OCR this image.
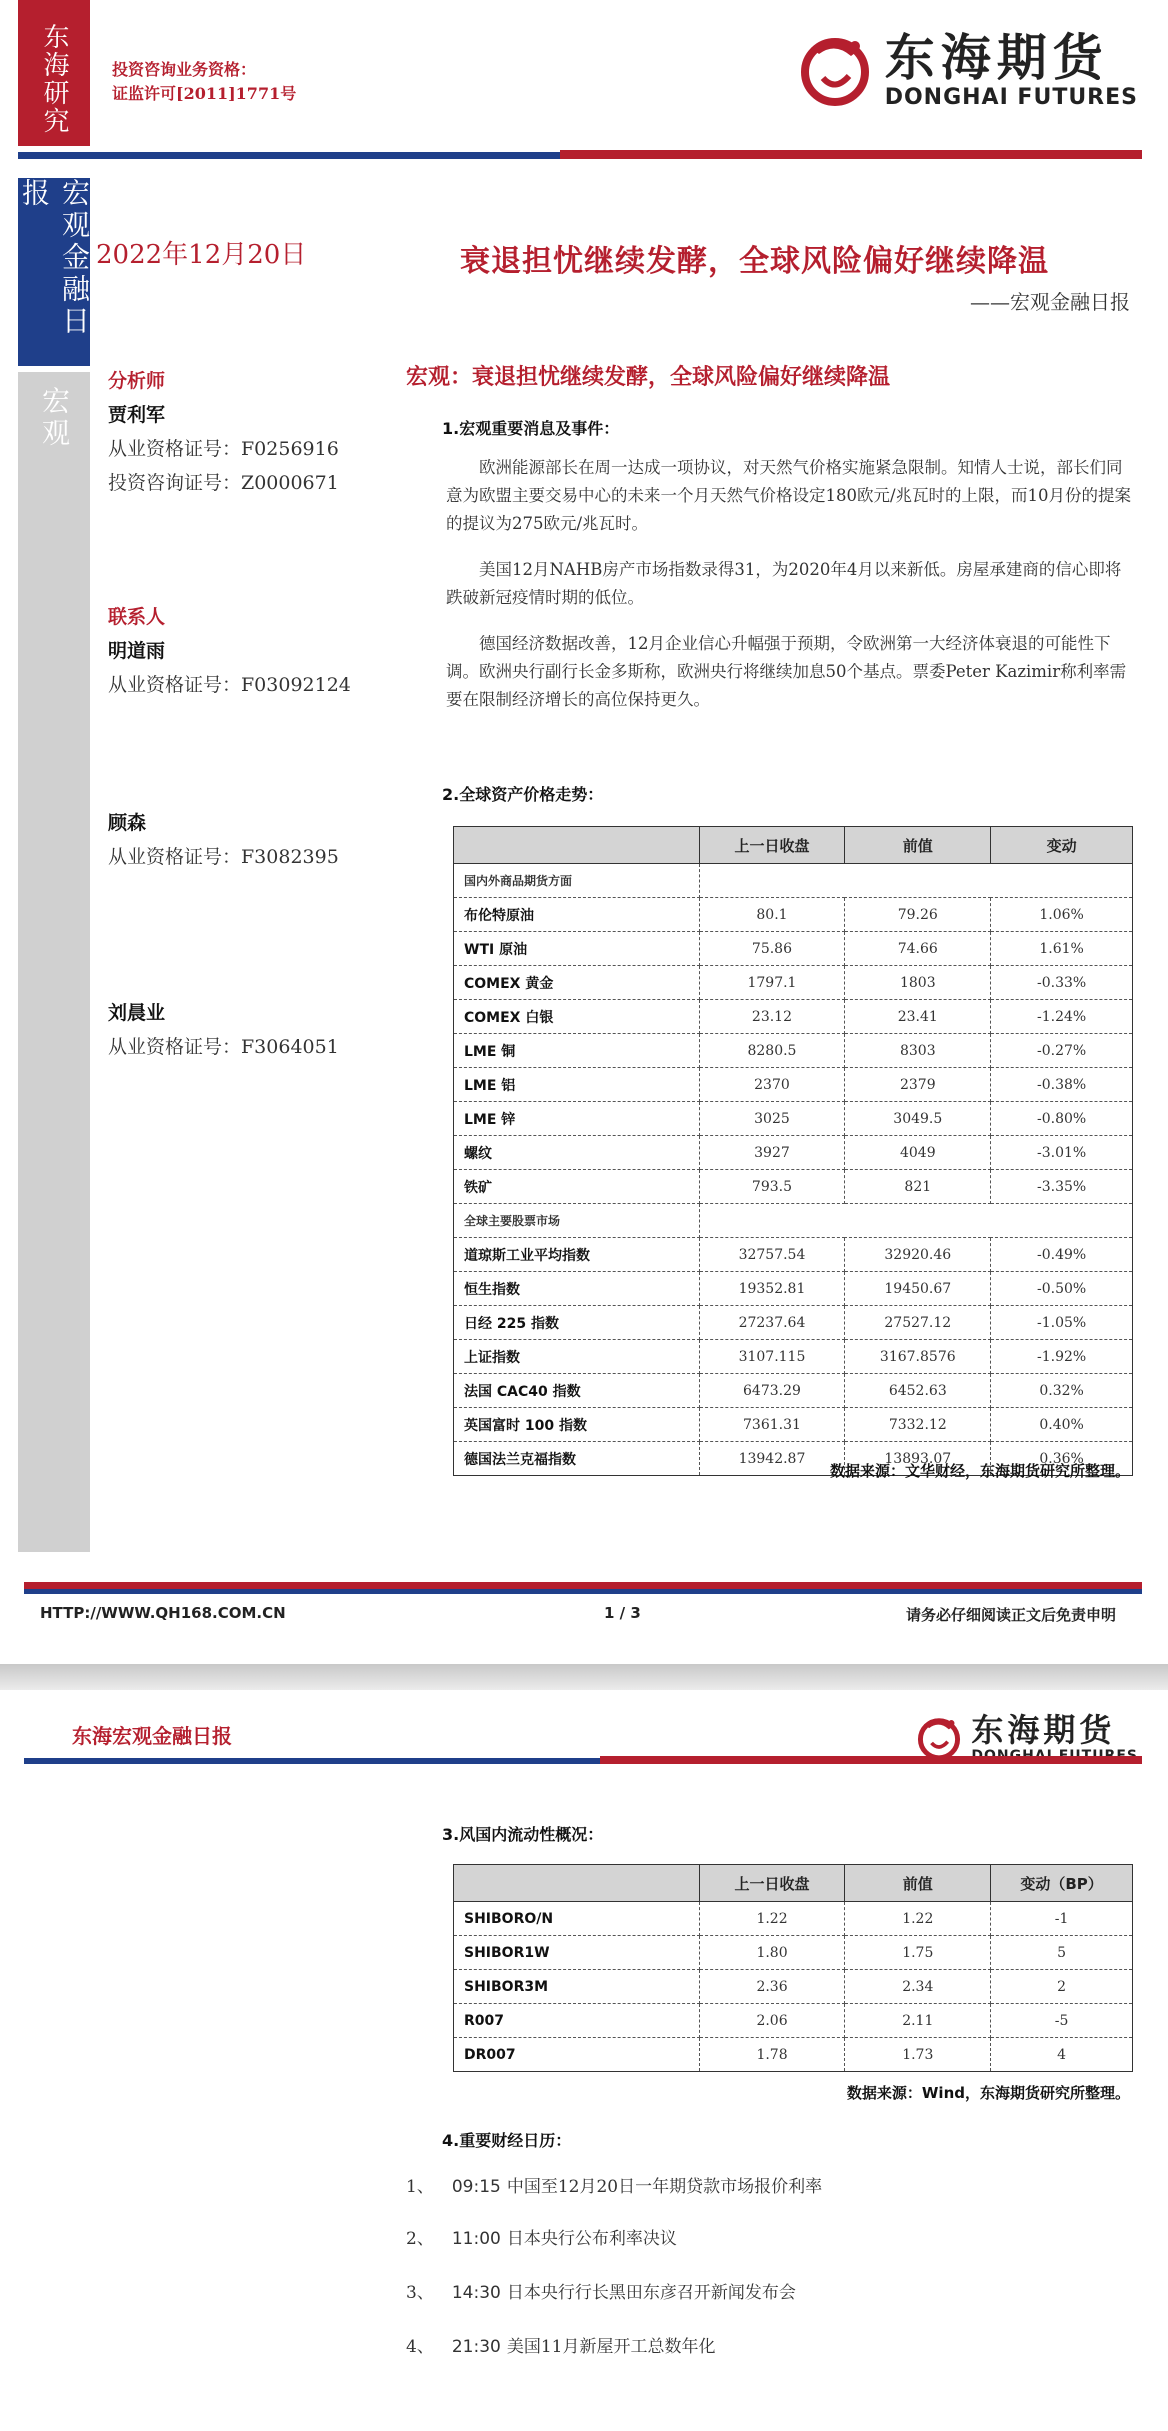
东海研究	投资咨询业务资格：
证监许可[2011]1771号
东海期货
DONGHAI FUTURES
宏观金融日报
宏观
2022年12月20日	衰退担忧继续发酵，全球风险偏好继续降温
——宏观金融日报
分析师
贾利军
从业资格证号：F0256916
投资咨询证号：Z0000671
联系人
明道雨
从业资格证号：F03092124
顾森
从业资格证号：F3082395
刘晨业
从业资格证号：F3064051
宏观：衰退担忧继续发酵，全球风险偏好继续降温
1.宏观重要消息及事件：
欧洲能源部长在周一达成一项协议，对天然气价格实施紧急限制。知情人士说，部长们同意为欧盟主要交易中心的未来一个月天然气价格设定180欧元/兆瓦时的上限，而10月份的提案的提议为275欧元/兆瓦时。
美国12月NAHB房产市场指数录得31，为2020年4月以来新低。房屋承建商的信心即将跌破新冠疫情时期的低位。
德国经济数据改善，12月企业信心升幅强于预期，令欧洲第一大经济体衰退的可能性下调。欧洲央行副行长金多斯称，欧洲央行将继续加息50个基点。票委Peter Kazimir称利率需要在限制经济增长的高位保持更久。
2.全球资产价格走势：
	上一日收盘	前值	变动
国内外商品期货方面			
布伦特原油	80.1	79.26	1.06%
WTI 原油	75.86	74.66	1.61%
COMEX 黄金	1797.1	1803	-0.33%
COMEX 白银	23.12	23.41	-1.24%
LME 铜	8280.5	8303	-0.27%
LME 铝	2370	2379	-0.38%
LME 锌	3025	3049.5	-0.80%
螺纹	3927	4049	-3.01%
铁矿	793.5	821	-3.35%
全球主要股票市场			
道琼斯工业平均指数	32757.54	32920.46	-0.49%
恒生指数	19352.81	19450.67	-0.50%
日经 225 指数	27237.64	27527.12	-1.05%
上证指数	3107.115	3167.8576	-1.92%
法国 CAC40 指数	6473.29	6452.63	0.32%
英国富时 100 指数	7361.31	7332.12	0.40%
德国法兰克福指数	13942.87	13893.07	0.36%
数据来源：文华财经，东海期货研究所整理。
HTTP://WWW.QH168.COM.CN	1 / 3	请务必仔细阅读正文后免责申明
东海宏观金融日报	东海期货
3.风国内流动性概况：
	上一日收盘	前值	变动（BP）
SHIBORO/N	1.22	1.22	-1
SHIBOR1W	1.80	1.75	5
SHIBOR3M	2.36	2.34	2
R007	2.06	2.11	-5
DR007	1.78	1.73	4
数据来源：Wind，东海期货研究所整理。
4.重要财经日历：
1、 09:15 中国至12月20日一年期贷款市场报价利率
2、 11:00 日本央行公布利率决议
3、 14:30 日本央行行长黑田东彦召开新闻发布会
4、 21:30 美国11月新屋开工总数年化
